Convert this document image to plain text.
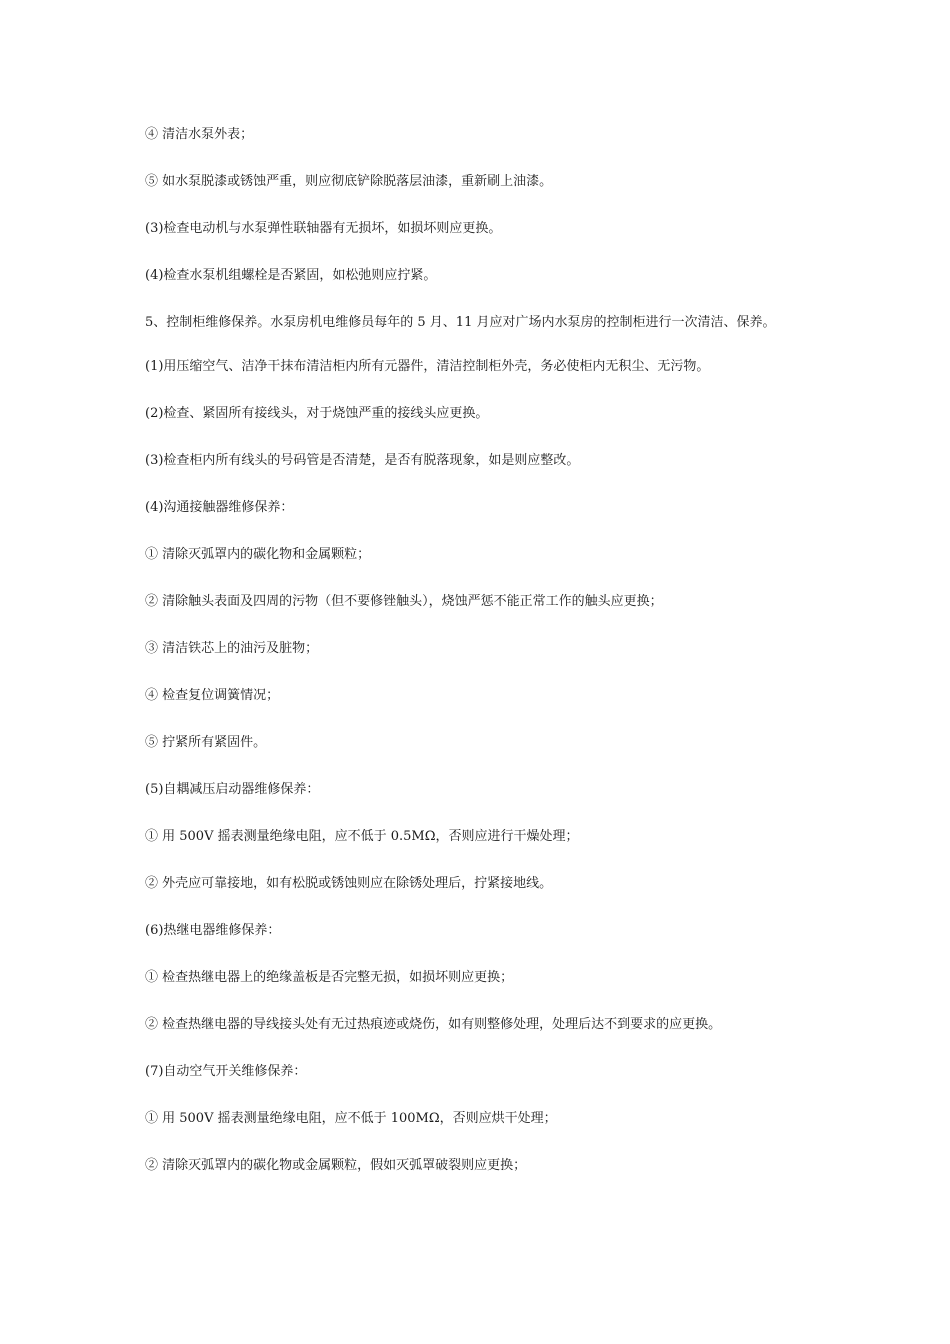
④ 清洁水泵外表；

⑤ 如水泵脱漆或锈蚀严重，则应彻底铲除脱落层油漆，重新刷上油漆。

(3)检查电动机与水泵弹性联轴器有无损坏，如损坏则应更换。

(4)检查水泵机组螺栓是否紧固，如松弛则应拧紧。

5、控制柜维修保养。水泵房机电维修员每年的 5 月、11 月应对广场内水泵房的控制柜进行一次清洁、保养。

(1)用压缩空气、洁净干抹布清洁柜内所有元器件，清洁控制柜外壳，务必使柜内无积尘、无污物。

(2)检查、紧固所有接线头，对于烧蚀严重的接线头应更换。

(3)检查柜内所有线头的号码管是否清楚，是否有脱落现象，如是则应整改。

(4)沟通接触器维修保养：

① 清除灭弧罩内的碳化物和金属颗粒；

② 清除触头表面及四周的污物（但不要修锉触头），烧蚀严惩不能正常工作的触头应更换；

③ 清洁铁芯上的油污及脏物；

④ 检查复位调簧情况；

⑤ 拧紧所有紧固件。

(5)自耦减压启动器维修保养：

① 用 500V 摇表测量绝缘电阻，应不低于 0.5MΩ，否则应进行干燥处理；

② 外壳应可靠接地，如有松脱或锈蚀则应在除锈处理后，拧紧接地线。

(6)热继电器维修保养：

① 检查热继电器上的绝缘盖板是否完整无损，如损坏则应更换；

② 检查热继电器的导线接头处有无过热痕迹或烧伤，如有则整修处理，处理后达不到要求的应更换。

(7)自动空气开关维修保养：

① 用 500V 摇表测量绝缘电阻，应不低于 100MΩ，否则应烘干处理；

② 清除灭弧罩内的碳化物或金属颗粒，假如灭弧罩破裂则应更换；
